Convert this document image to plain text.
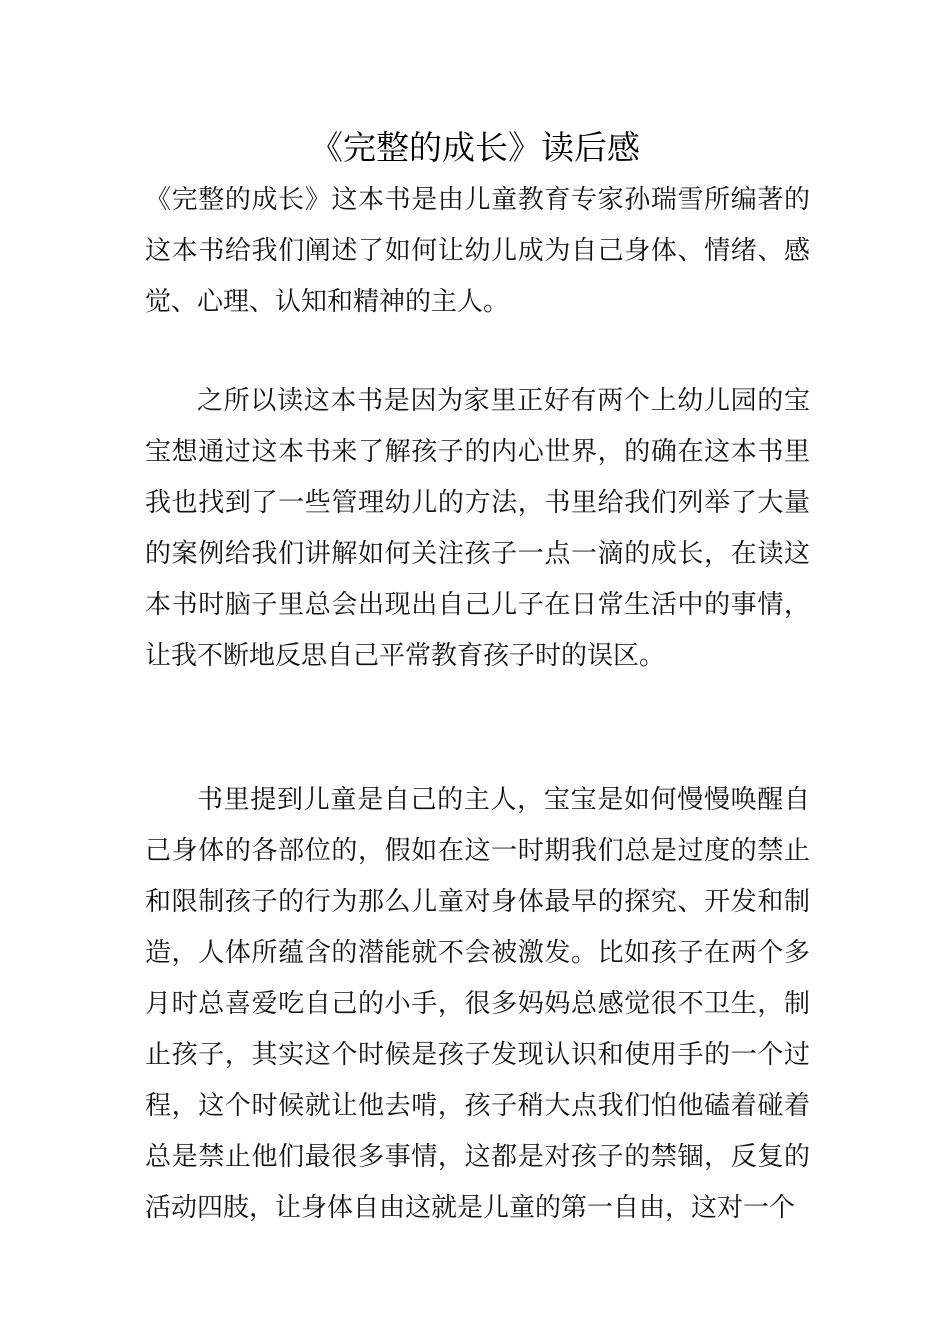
《完整的成长》读后感

《完整的成长》这本书是由儿童教育专家孙瑞雪所编著的这本书给我们阐述了如何让幼儿成为自己身体、情绪、感觉、心理、认知和精神的主人。

之所以读这本书是因为家里正好有两个上幼儿园的宝宝想通过这本书来了解孩子的内心世界，的确在这本书里我也找到了一些管理幼儿的方法，书里给我们列举了大量的案例给我们讲解如何关注孩子一点一滴的成长，在读这本书时脑子里总会出现出自己儿子在日常生活中的事情，让我不断地反思自己平常教育孩子时的误区。

书里提到儿童是自己的主人，宝宝是如何慢慢唤醒自己身体的各部位的，假如在这一时期我们总是过度的禁止和限制孩子的行为那么儿童对身体最早的探究、开发和制造，人体所蕴含的潜能就不会被激发。比如孩子在两个多月时总喜爱吃自己的小手，很多妈妈总感觉很不卫生，制止孩子，其实这个时候是孩子发现认识和使用手的一个过程，这个时候就让他去啃，孩子稍大点我们怕他磕着碰着总是禁止他们最很多事情，这都是对孩子的禁锢，反复的活动四肢，让身体自由这就是儿童的第一自由，这对一个
